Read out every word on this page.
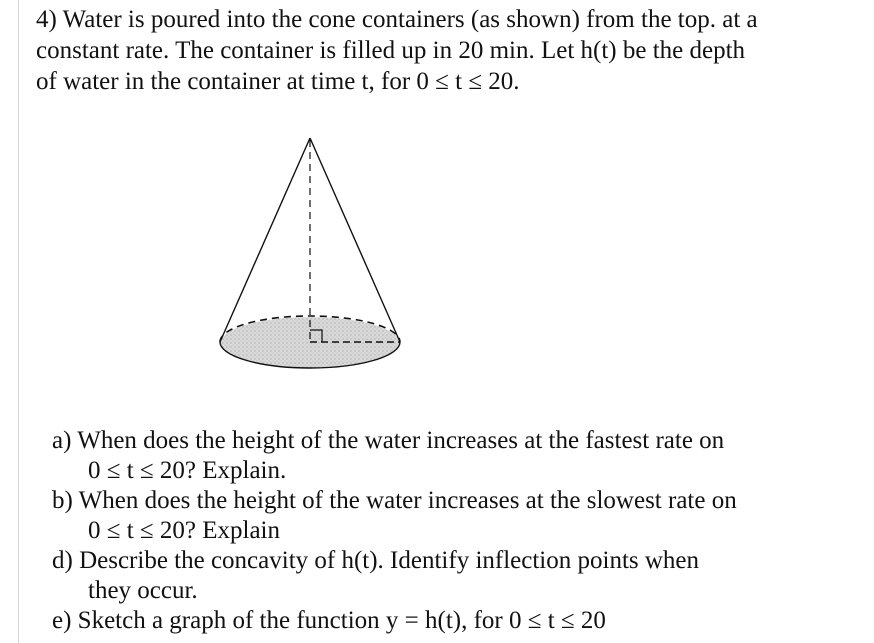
4) Water is poured into the cone containers (as shown) from the top. at a
constant rate. The container is filled up in 20 min. Let h(t) be the depth
of water in the container at time t, for 0 ≤ t ≤ 20.
a) When does the height of the water increases at the fastest rate on
0 ≤ t ≤ 20? Explain.
b) When does the height of the water increases at the slowest rate on
0 ≤ t ≤ 20? Explain
d) Describe the concavity of h(t). Identify inflection points when
they occur.
e) Sketch a graph of the function y = h(t), for 0 ≤ t ≤ 20
